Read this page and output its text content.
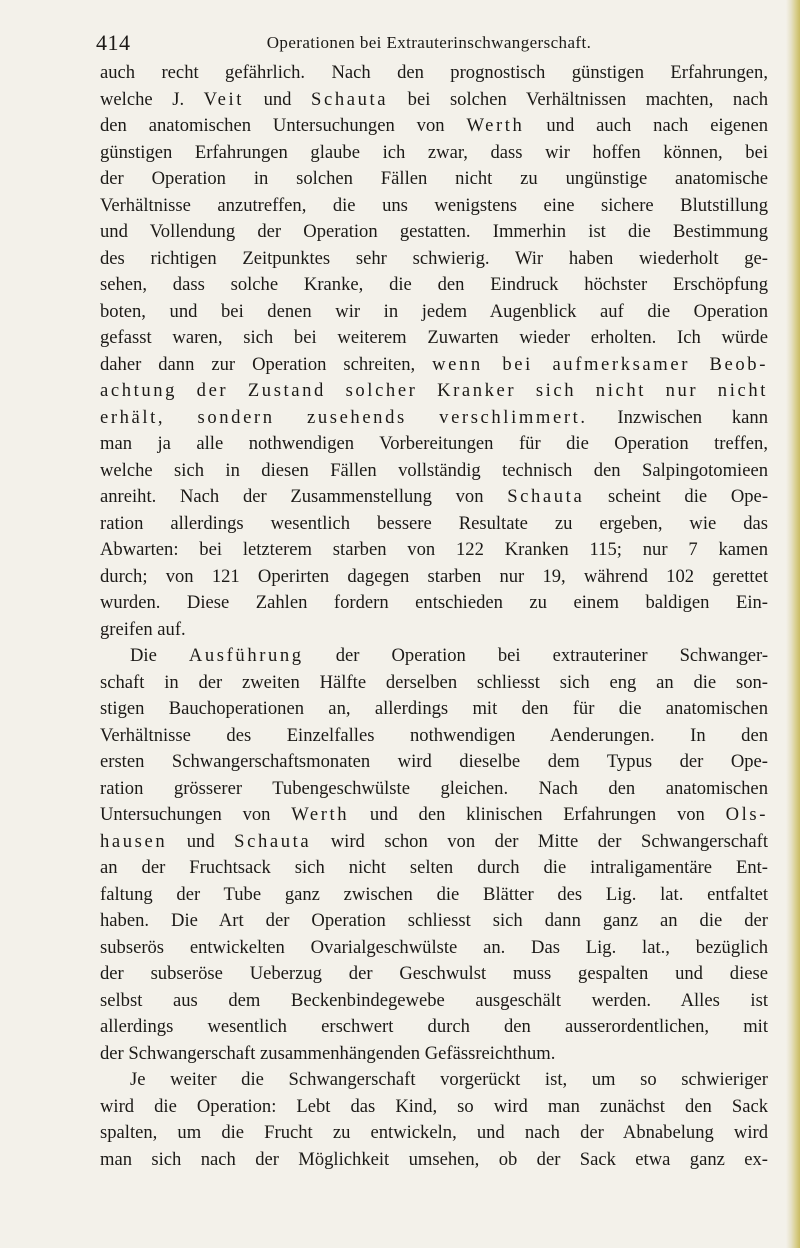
414	Operationen bei Extrauterinschwangerschaft.
auch recht gefährlich. Nach den prognostisch günstigen Erfahrungen,
welche J. Veit und Schauta bei solchen Verhältnissen machten, nach
den anatomischen Untersuchungen von Werth und auch nach eigenen
günstigen Erfahrungen glaube ich zwar, dass wir hoffen können, bei
der Operation in solchen Fällen nicht zu ungünstige anatomische
Verhältnisse anzutreffen, die uns wenigstens eine sichere Blutstillung
und Vollendung der Operation gestatten. Immerhin ist die Bestimmung
des richtigen Zeitpunktes sehr schwierig. Wir haben wiederholt ge-
sehen, dass solche Kranke, die den Eindruck höchster Erschöpfung
boten, und bei denen wir in jedem Augenblick auf die Operation
gefasst waren, sich bei weiterem Zuwarten wieder erholten. Ich würde
daher dann zur Operation schreiten, wenn bei aufmerksamer Beob-
achtung der Zustand solcher Kranker sich nicht nur nicht
erhält, sondern zusehends verschlimmert. Inzwischen kann
man ja alle nothwendigen Vorbereitungen für die Operation treffen,
welche sich in diesen Fällen vollständig technisch den Salpingotomieen
anreiht. Nach der Zusammenstellung von Schauta scheint die Ope-
ration allerdings wesentlich bessere Resultate zu ergeben, wie das
Abwarten: bei letzterem starben von 122 Kranken 115; nur 7 kamen
durch; von 121 Operirten dagegen starben nur 19, während 102 gerettet
wurden. Diese Zahlen fordern entschieden zu einem baldigen Ein-
greifen auf.
Die Ausführung der Operation bei extrauteriner Schwanger-
schaft in der zweiten Hälfte derselben schliesst sich eng an die son-
stigen Bauchoperationen an, allerdings mit den für die anatomischen
Verhältnisse des Einzelfalles nothwendigen Aenderungen. In den
ersten Schwangerschaftsmonaten wird dieselbe dem Typus der Ope-
ration grösserer Tubengeschwülste gleichen. Nach den anatomischen
Untersuchungen von Werth und den klinischen Erfahrungen von Ols-
hausen und Schauta wird schon von der Mitte der Schwangerschaft
an der Fruchtsack sich nicht selten durch die intraligamentäre Ent-
faltung der Tube ganz zwischen die Blätter des Lig. lat. entfaltet
haben. Die Art der Operation schliesst sich dann ganz an die der
subserös entwickelten Ovarialgeschwülste an. Das Lig. lat., bezüglich
der subseröse Ueberzug der Geschwulst muss gespalten und diese
selbst aus dem Beckenbindegewebe ausgeschält werden. Alles ist
allerdings wesentlich erschwert durch den ausserordentlichen, mit
der Schwangerschaft zusammenhängenden Gefässreichthum.
Je weiter die Schwangerschaft vorgerückt ist, um so schwieriger
wird die Operation: Lebt das Kind, so wird man zunächst den Sack
spalten, um die Frucht zu entwickeln, und nach der Abnabelung wird
man sich nach der Möglichkeit umsehen, ob der Sack etwa ganz ex-
